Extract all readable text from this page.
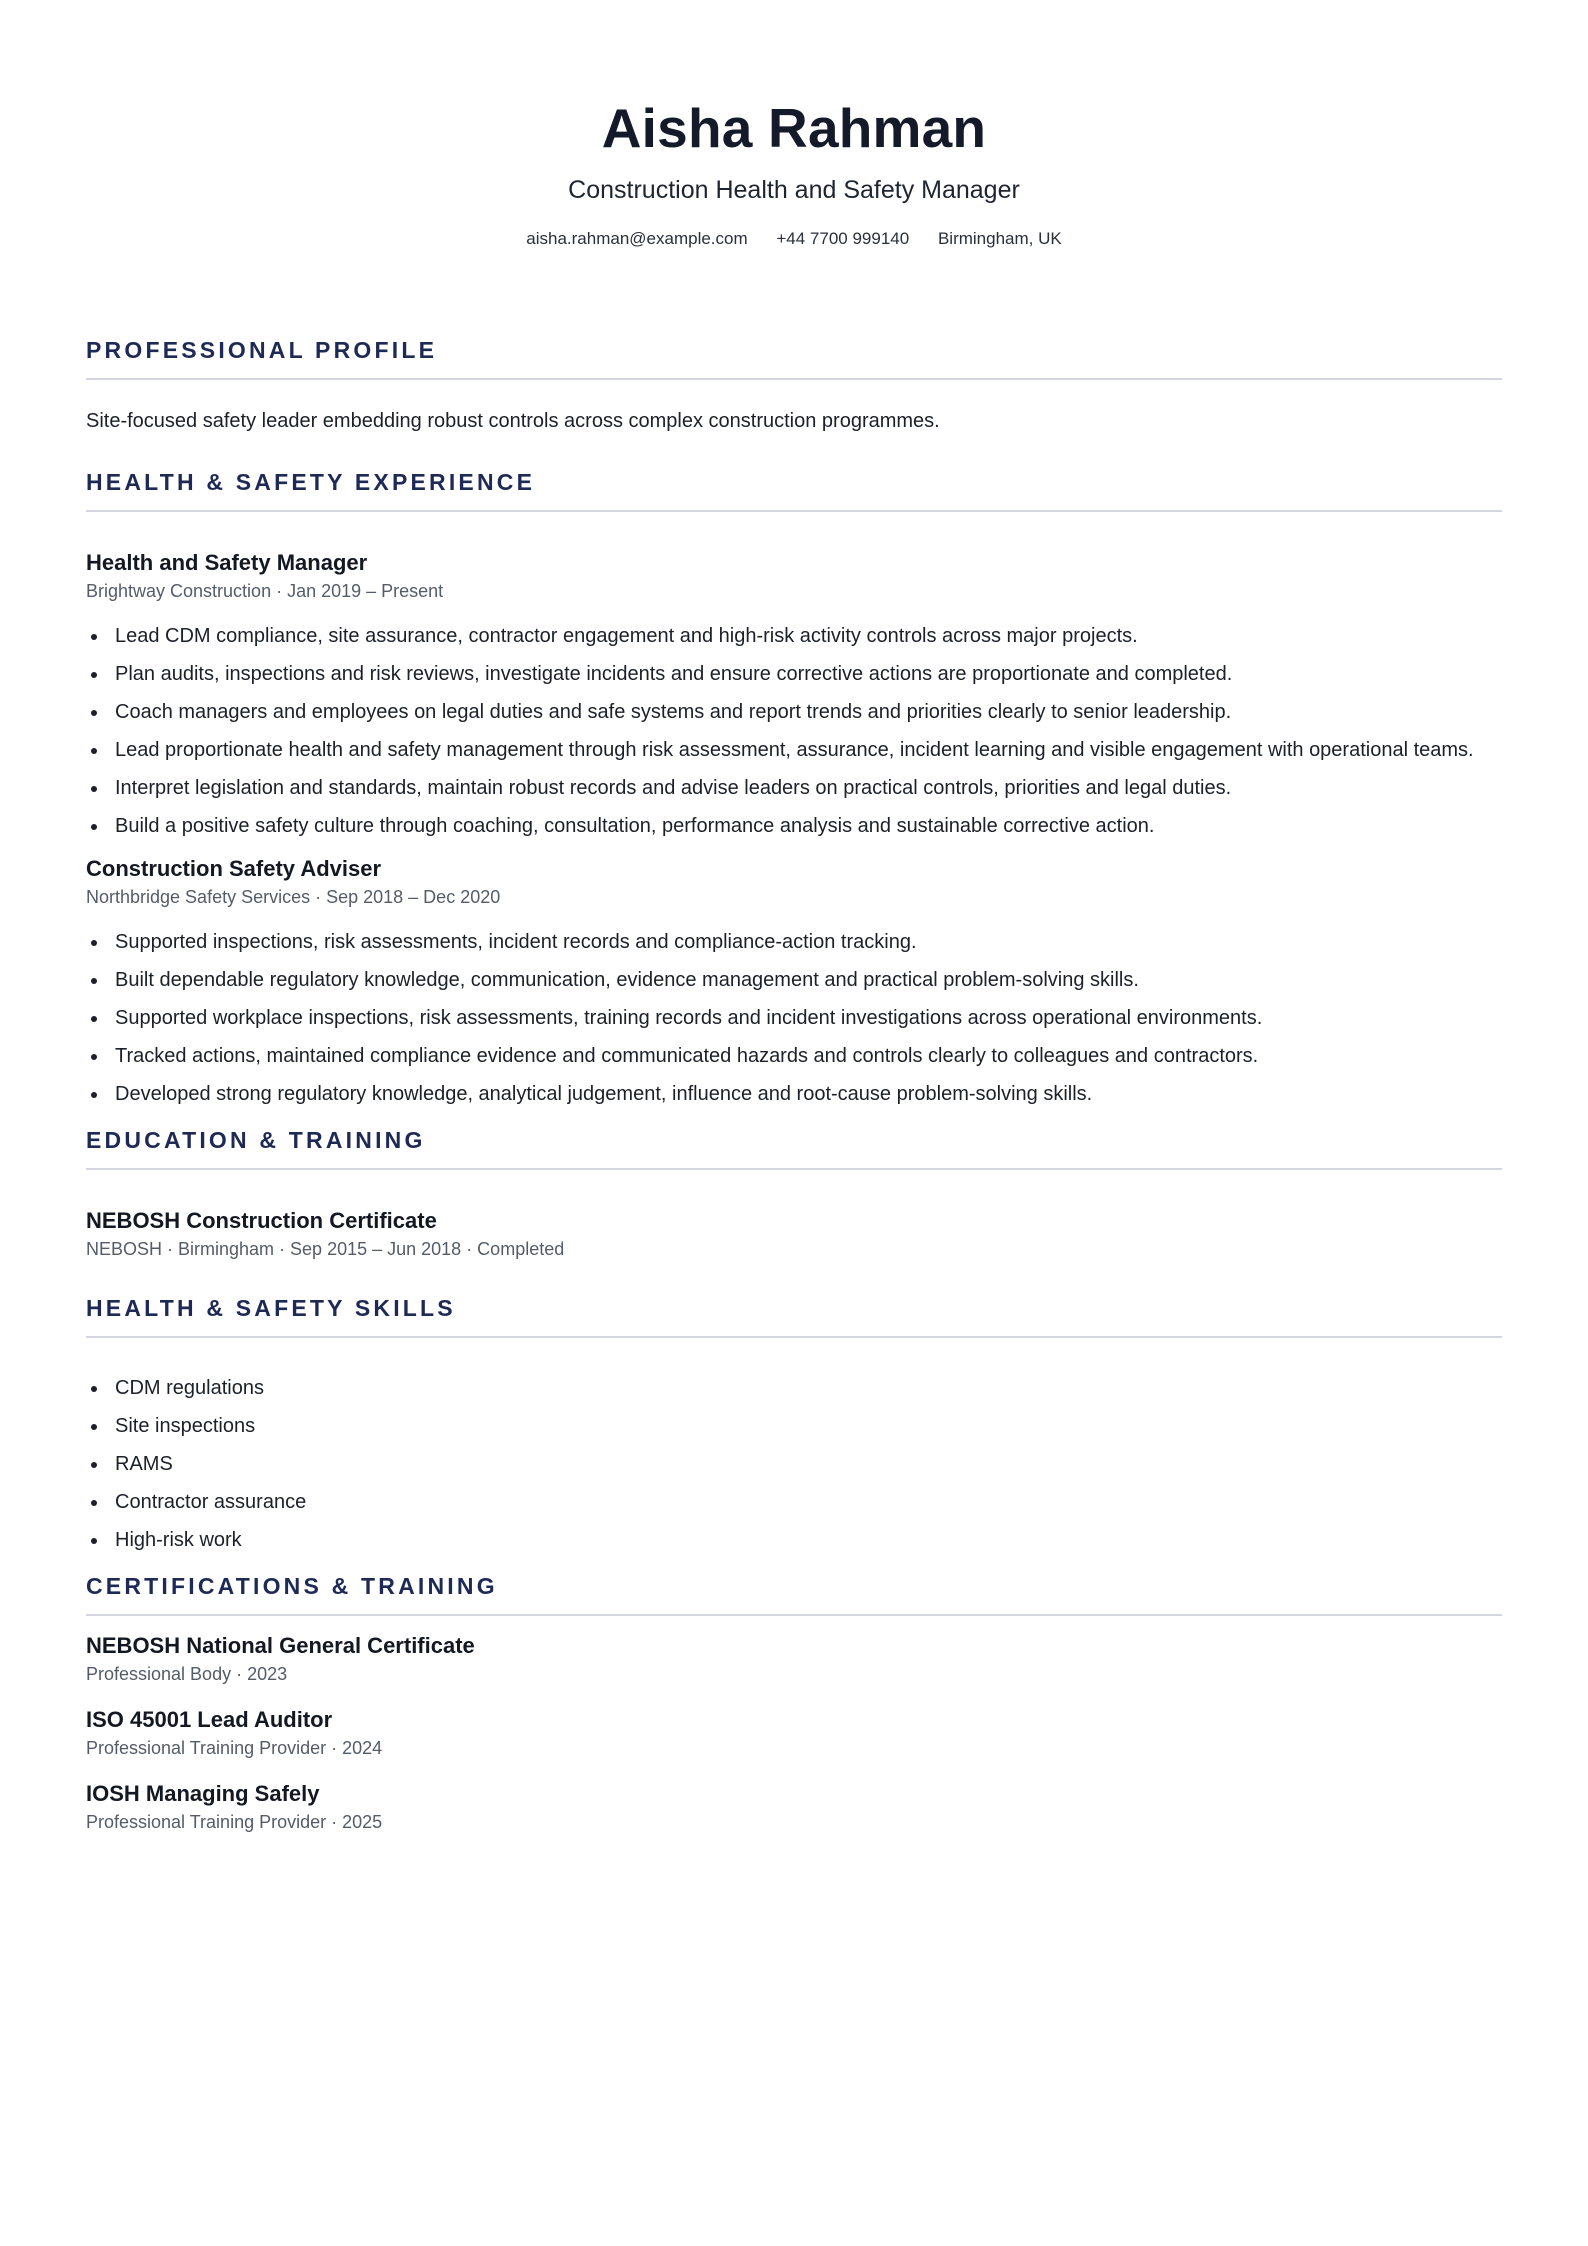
Aisha Rahman
Construction Health and Safety Manager
aisha.rahman@example.com +44 7700 999140 Birmingham, UK
PROFESSIONAL PROFILE
Site-focused safety leader embedding robust controls across complex construction programmes.
HEALTH & SAFETY EXPERIENCE
Health and Safety Manager
Brightway Construction · Jan 2019 – Present
Lead CDM compliance, site assurance, contractor engagement and high-risk activity controls across major projects.
Plan audits, inspections and risk reviews, investigate incidents and ensure corrective actions are proportionate and completed.
Coach managers and employees on legal duties and safe systems and report trends and priorities clearly to senior leadership.
Lead proportionate health and safety management through risk assessment, assurance, incident learning and visible engagement with operational teams.
Interpret legislation and standards, maintain robust records and advise leaders on practical controls, priorities and legal duties.
Build a positive safety culture through coaching, consultation, performance analysis and sustainable corrective action.
Construction Safety Adviser
Northbridge Safety Services · Sep 2018 – Dec 2020
Supported inspections, risk assessments, incident records and compliance-action tracking.
Built dependable regulatory knowledge, communication, evidence management and practical problem-solving skills.
Supported workplace inspections, risk assessments, training records and incident investigations across operational environments.
Tracked actions, maintained compliance evidence and communicated hazards and controls clearly to colleagues and contractors.
Developed strong regulatory knowledge, analytical judgement, influence and root-cause problem-solving skills.
EDUCATION & TRAINING
NEBOSH Construction Certificate
NEBOSH · Birmingham · Sep 2015 – Jun 2018 · Completed
HEALTH & SAFETY SKILLS
CDM regulations
Site inspections
RAMS
Contractor assurance
High-risk work
CERTIFICATIONS & TRAINING
NEBOSH National General Certificate
Professional Body · 2023
ISO 45001 Lead Auditor
Professional Training Provider · 2024
IOSH Managing Safely
Professional Training Provider · 2025
